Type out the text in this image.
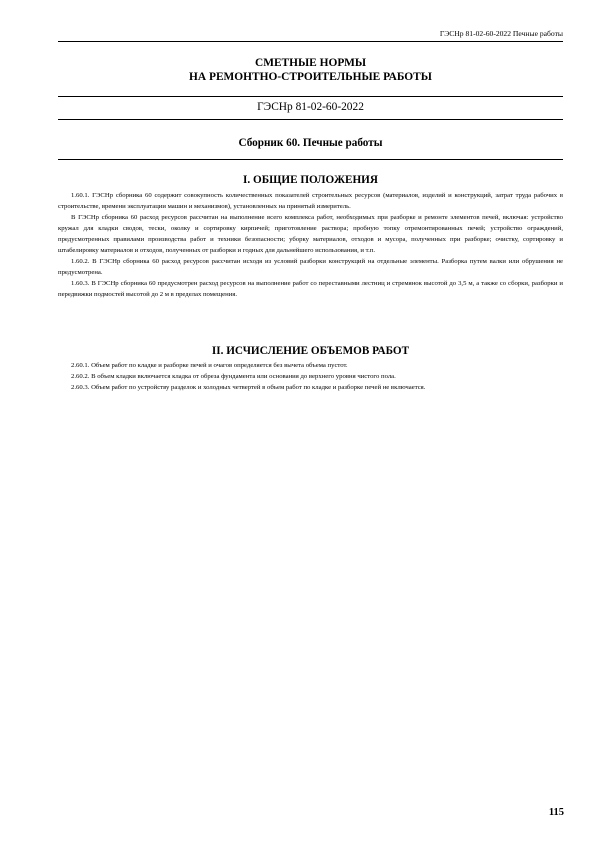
ГЭСНр 81-02-60-2022 Печные работы
СМЕТНЫЕ НОРМЫ
НА РЕМОНТНО-СТРОИТЕЛЬНЫЕ РАБОТЫ
ГЭСНр 81-02-60-2022
Сборник 60. Печные работы
I. ОБЩИЕ ПОЛОЖЕНИЯ

1.60.1. ГЭСНр сборника 60 содержит совокупность количественных показателей строительных ресурсов (материалов, изделий и конструкций, затрат труда рабочих в строительстве, времени эксплуатации машин и механизмов), установленных на принятый измеритель.

В ГЭСНр сборника 60 расход ресурсов рассчитан на выполнение всего комплекса работ, необходимых при разборке и ремонте элементов печей, включая: устройство кружал для кладки сводов, тески, околку и сортировку кирпичей; приготовление раствора; пробную топку отремонтированных печей; устройство ограждений, предусмотренных правилами производства работ и техники безопасности; уборку материалов, отходов и мусора, полученных при разборке; очистку, сортировку и штабелировку материалов и отходов, полученных от разборки и годных для дальнейшего использования, и т.п.

1.60.2. В ГЭСНр сборника 60 расход ресурсов рассчитан исходя из условий разборки конструкций на отдельные элементы. Разборка путем валки или обрушения не предусмотрена.

1.60.3. В ГЭСНр сборника 60 предусмотрен расход ресурсов на выполнение работ со переставными лестниц и стремянок высотой до 3,5 м, а также со сборки, разборки и передвижки подмостей высотой до 2 м в пределах помещения.

II. ИСЧИСЛЕНИЕ ОБЪЕМОВ РАБОТ

2.60.1. Объем работ по кладке и разборке печей и очагов определяется без вычета объема пустот.

2.60.2. В объем кладки включается кладка от обреза фундамента или основания до верхнего уровня чистого пола.

2.60.3. Объем работ по устройству разделок и холодных четвертей в объем работ по кладке и разборке печей не включается.

115
